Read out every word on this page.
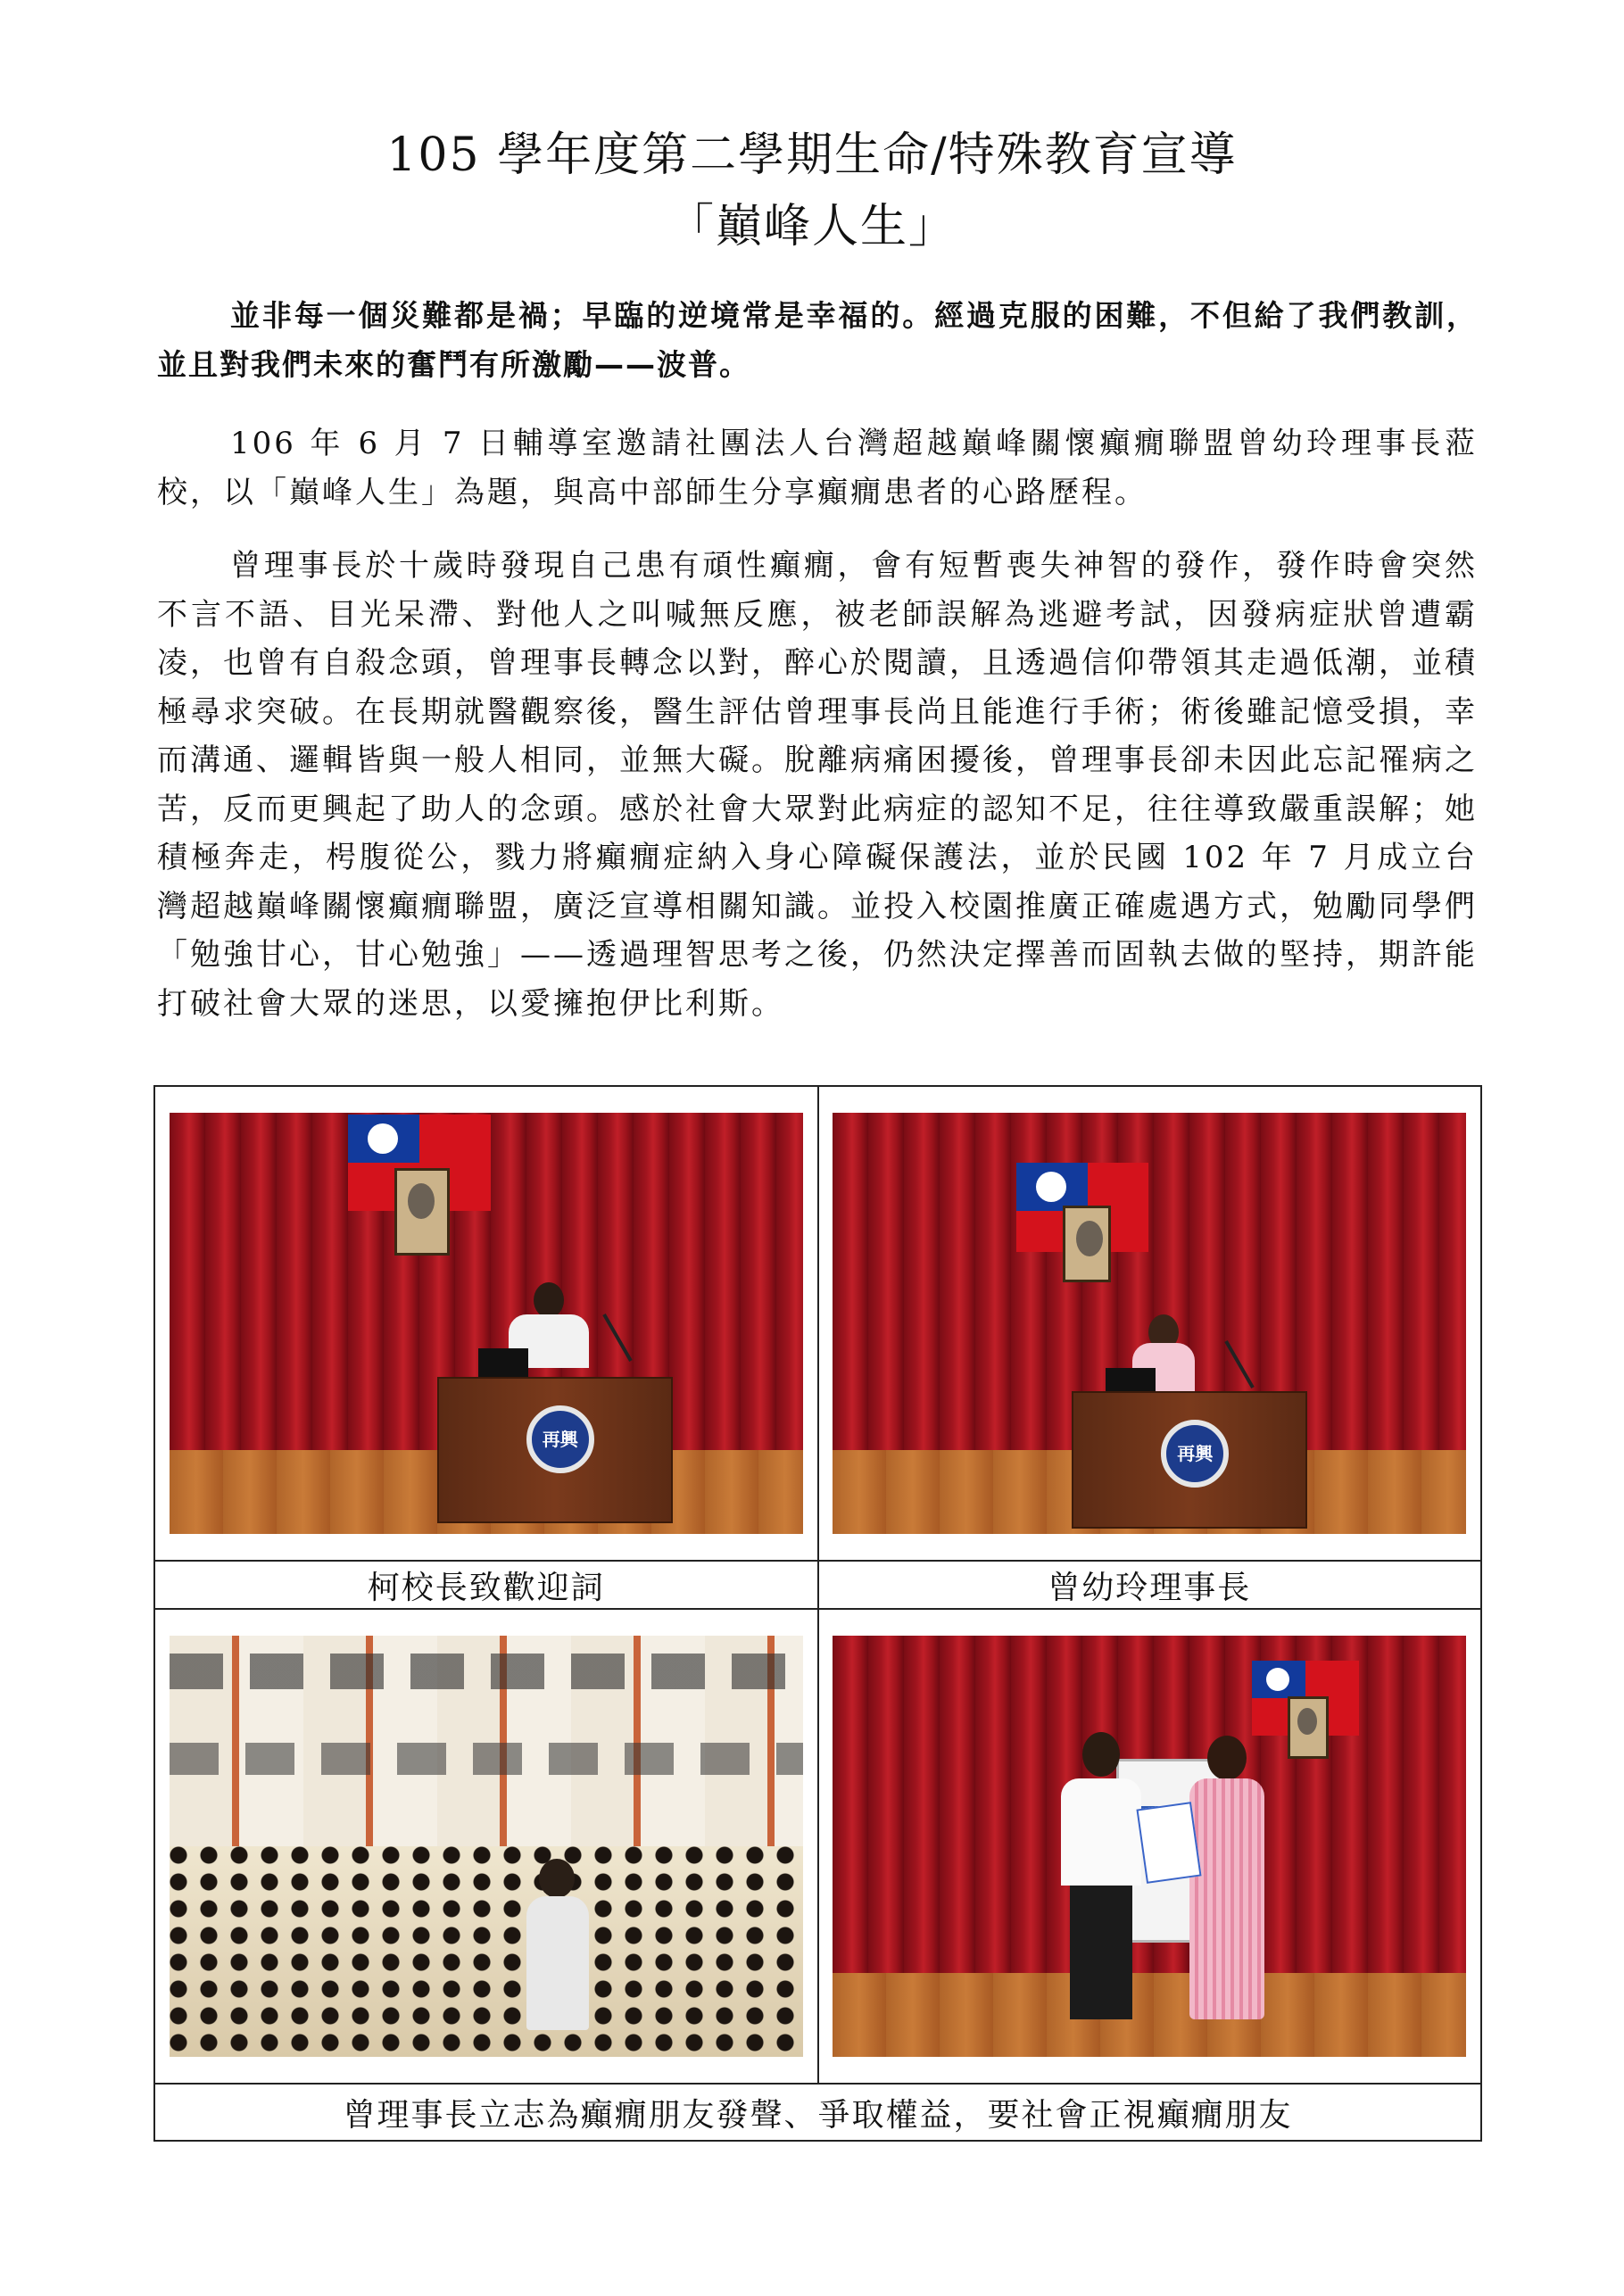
105 學年度第二學期生命/特殊教育宣導
「巔峰人生」

並非每一個災難都是禍；早臨的逆境常是幸福的。經過克服的困難，不但給了我們教訓，並且對我們未來的奮鬥有所激勵——波普。

106 年 6 月 7 日輔導室邀請社團法人台灣超越巔峰關懷癲癇聯盟曾幼玲理事長蒞校，以「巔峰人生」為題，與高中部師生分享癲癇患者的心路歷程。

曾理事長於十歲時發現自己患有頑性癲癇，會有短暫喪失神智的發作，發作時會突然不言不語、目光呆滯、對他人之叫喊無反應，被老師誤解為逃避考試，因發病症狀曾遭霸凌，也曾有自殺念頭，曾理事長轉念以對，醉心於閱讀，且透過信仰帶領其走過低潮，並積極尋求突破。在長期就醫觀察後，醫生評估曾理事長尚且能進行手術；術後雖記憶受損，幸而溝通、邏輯皆與一般人相同，並無大礙。脫離病痛困擾後，曾理事長卻未因此忘記罹病之苦，反而更興起了助人的念頭。感於社會大眾對此病症的認知不足，往往導致嚴重誤解；她積極奔走，枵腹從公，戮力將癲癇症納入身心障礙保護法，並於民國 102 年 7 月成立台灣超越巔峰關懷癲癇聯盟，廣泛宣導相關知識。並投入校園推廣正確處遇方式，勉勵同學們「勉強甘心，甘心勉強」——透過理智思考之後，仍然決定擇善而固執去做的堅持，期許能打破社會大眾的迷思，以愛擁抱伊比利斯。

再興	再興

柯校長致歡迎詞	曾幼玲理事長

曾理事長立志為癲癇朋友發聲、爭取權益，要社會正視癲癇朋友	
